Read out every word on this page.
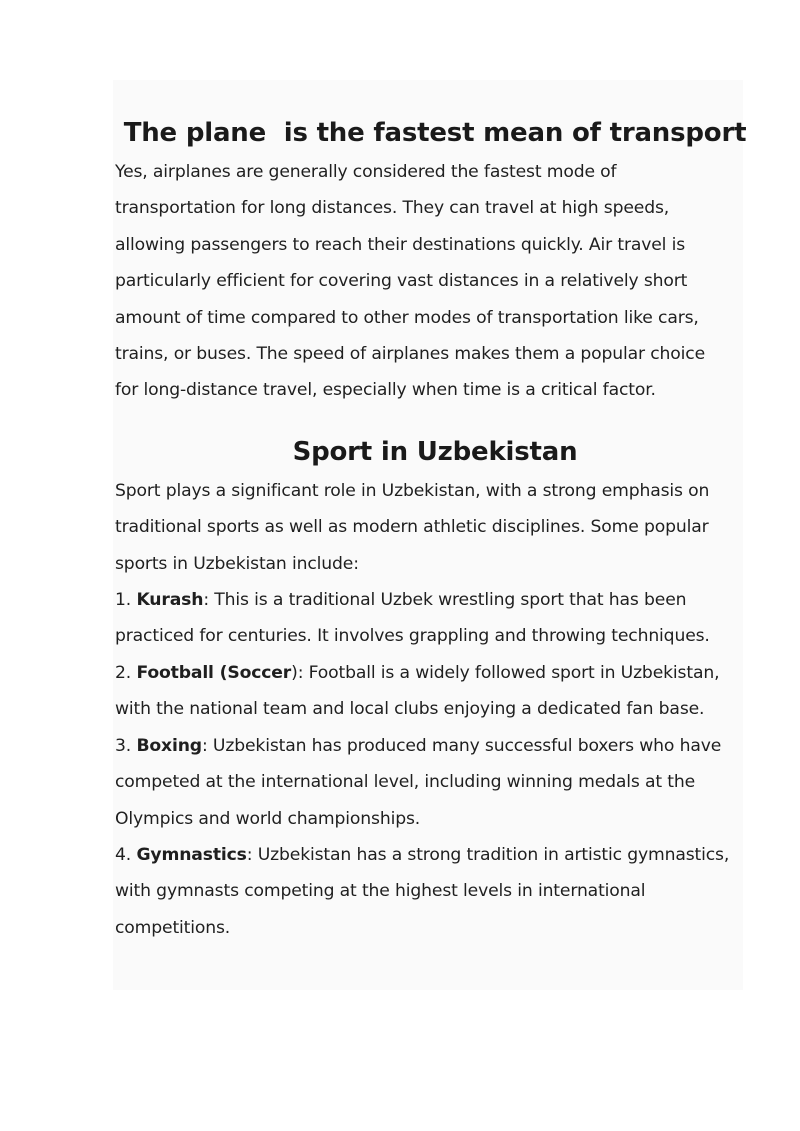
The plane  is the fastest mean of transport

Yes, airplanes are generally considered the fastest mode of
transportation for long distances. They can travel at high speeds,
allowing passengers to reach their destinations quickly. Air travel is
particularly efficient for covering vast distances in a relatively short
amount of time compared to other modes of transportation like cars,
trains, or buses. The speed of airplanes makes them a popular choice
for long-distance travel, especially when time is a critical factor.

Sport in Uzbekistan

Sport plays a significant role in Uzbekistan, with a strong emphasis on
traditional sports as well as modern athletic disciplines. Some popular
sports in Uzbekistan include:
1. Kurash: This is a traditional Uzbek wrestling sport that has been
practiced for centuries. It involves grappling and throwing techniques.
2. Football (Soccer): Football is a widely followed sport in Uzbekistan,
with the national team and local clubs enjoying a dedicated fan base.
3. Boxing: Uzbekistan has produced many successful boxers who have
competed at the international level, including winning medals at the
Olympics and world championships.
4. Gymnastics: Uzbekistan has a strong tradition in artistic gymnastics,
with gymnasts competing at the highest levels in international
competitions.
